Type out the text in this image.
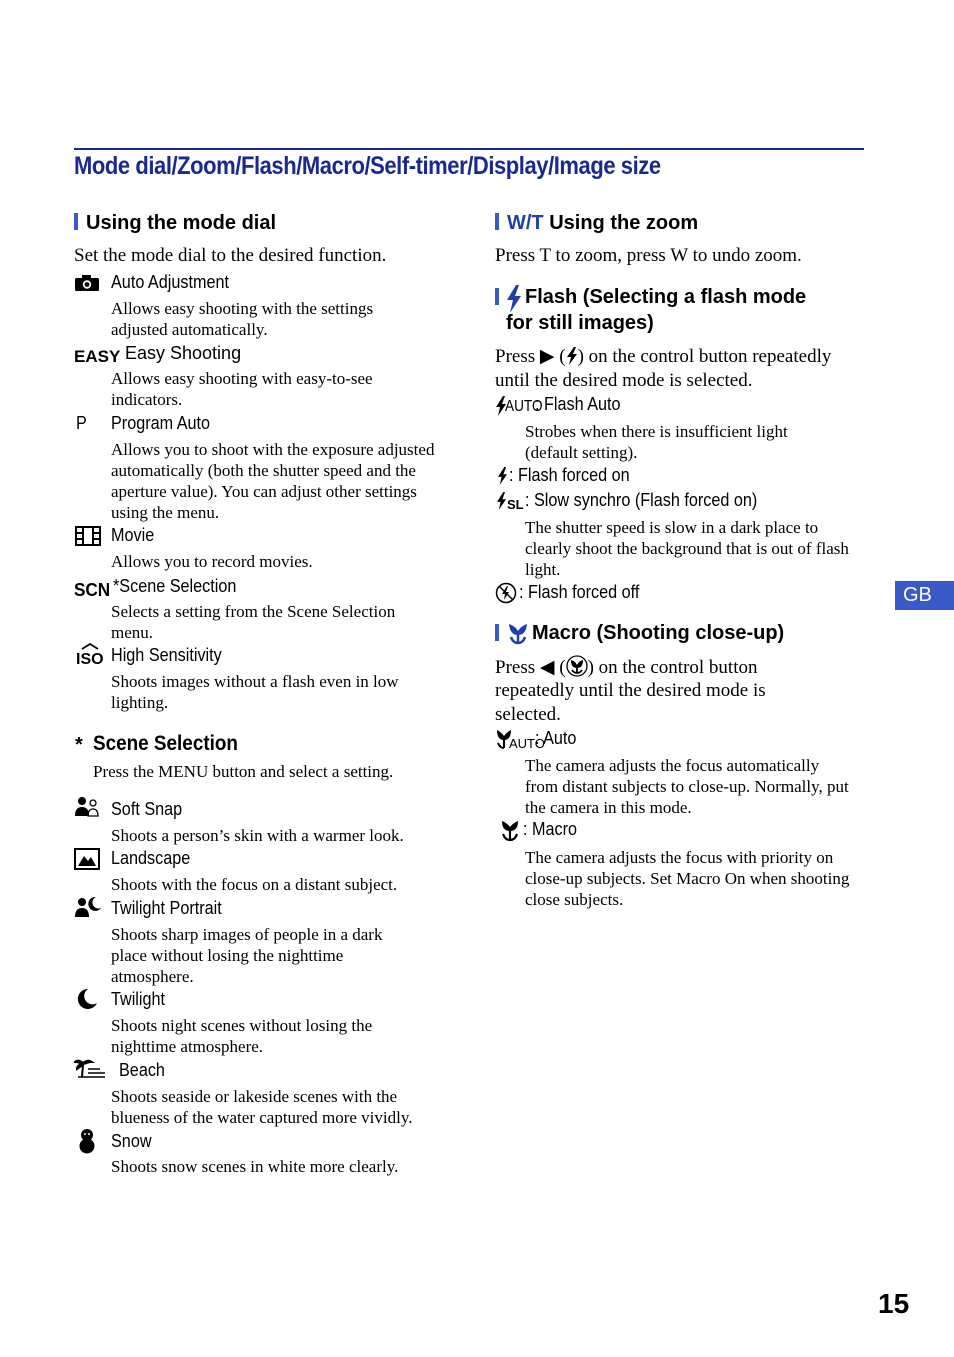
Mode dial/Zoom/Flash/Macro/Self-timer/Display/Image size
Using the mode dial
Set the mode dial to the desired function.
Auto Adjustment
Allows easy shooting with the settings adjusted automatically.
EASY Easy Shooting
Allows easy shooting with easy-to-see indicators.
P Program Auto
Allows you to shoot with the exposure adjusted automatically (both the shutter speed and the aperture value). You can adjust other settings using the menu.
Movie
Allows you to record movies.
SCN *Scene Selection
Selects a setting from the Scene Selection menu.
ISO High Sensitivity
Shoots images without a flash even in low lighting.
* Scene Selection
Press the MENU button and select a setting.
Soft Snap
Shoots a person’s skin with a warmer look.
Landscape
Shoots with the focus on a distant subject.
Twilight Portrait
Shoots sharp images of people in a dark place without losing the nighttime atmosphere.
Twilight
Shoots night scenes without losing the nighttime atmosphere.
Beach
Shoots seaside or lakeside scenes with the blueness of the water captured more vividly.
Snow
Shoots snow scenes in white more clearly.
W/T Using the zoom
Press T to zoom, press W to undo zoom.
Flash (Selecting a flash mode
for still images)
Press ▶ ( ) on the control button repeatedly
until the desired mode is selected.
AUTO
: Flash Auto
Strobes when there is insufficient light (default setting).
: Flash forced on
SL : Slow synchro (Flash forced on)
The shutter speed is slow in a dark place to clearly shoot the background that is out of flash light.
: Flash forced off
Macro (Shooting close-up)
Press ◀ ( ) on the control button
repeatedly until the desired mode is selected.
AUTO
: Auto
The camera adjusts the focus automatically from distant subjects to close-up. Normally, put the camera in this mode.
: Macro
The camera adjusts the focus with priority on close-up subjects. Set Macro On when shooting close subjects.
GB
15
